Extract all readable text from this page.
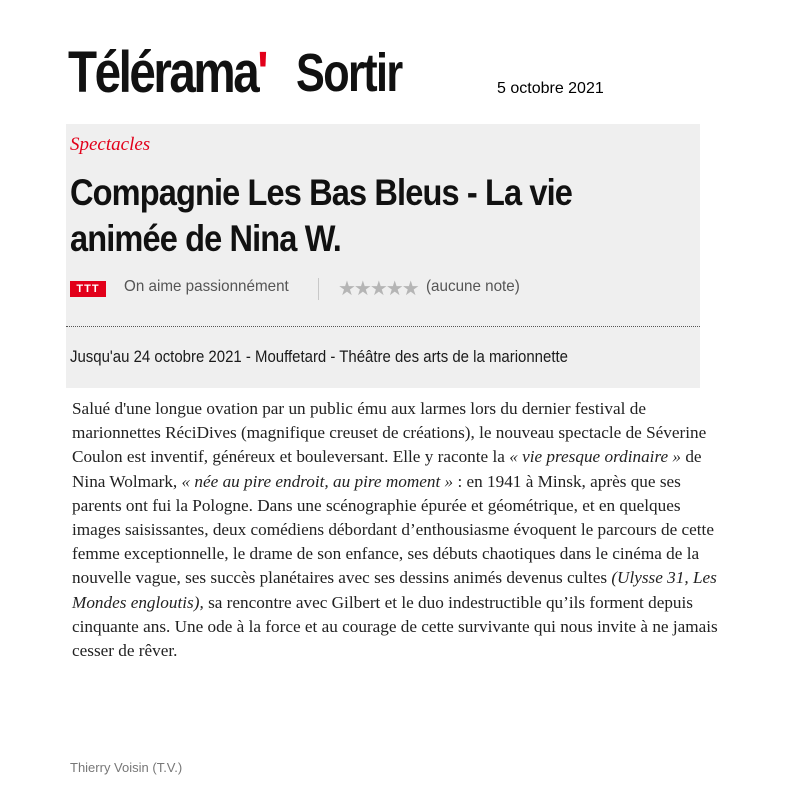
Télérama' Sortir	5 octobre 2021
Spectacles
Compagnie Les Bas Bleus - La vie animée de Nina W.
TTT	On aime passionnément ★★★★★ (aucune note)
Jusqu'au 24 octobre 2021 - Mouffetard - Théâtre des arts de la marionnette
Salué d'une longue ovation par un public ému aux larmes lors du dernier festival de marionnettes RéciDives (magnifique creuset de créations), le nouveau spectacle de Séverine Coulon est inventif, généreux et bouleversant. Elle y raconte la « vie presque ordinaire » de Nina Wolmark, « née au pire endroit, au pire moment » : en 1941 à Minsk, après que ses parents ont fui la Pologne. Dans une scénographie épurée et géométrique, et en quelques images saisissantes, deux comédiens débordant d’enthousiasme évoquent le parcours de cette femme exceptionnelle, le drame de son enfance, ses débuts chaotiques dans le cinéma de la nouvelle vague, ses succès planétaires avec ses dessins animés devenus cultes (Ulysse 31, Les Mondes engloutis), sa rencontre avec Gilbert et le duo indestructible qu’ils forment depuis cinquante ans. Une ode à la force et au courage de cette survivante qui nous invite à ne jamais cesser de rêver.
Thierry Voisin (T.V.)
